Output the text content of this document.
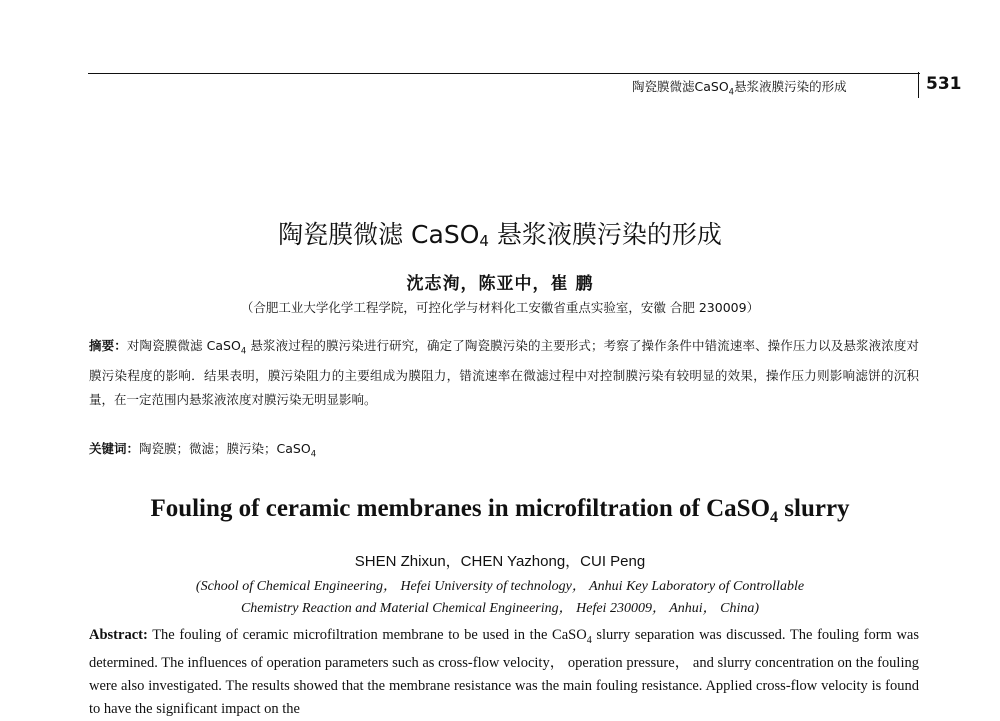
陶瓷膜微滤CaSO$_4$悬浆液膜污染的形成	531
陶瓷膜微滤 CaSO$_4$ 悬浆液膜污染的形成
沈志洵，陈亚中，崔 鹏
（合肥工业大学化学工程学院，可控化学与材料化工安徽省重点实验室，安徽 合肥 230009）
摘要：对陶瓷膜微滤 CaSO$_4$ 悬浆液过程的膜污染进行研究，确定了陶瓷膜污染的主要形式；考察了操作条件中错流速率、操作压力以及悬浆液浓度对膜污染程度的影响．结果表明，膜污染阻力的主要组成为膜阻力，错流速率在微滤过程中对控制膜污染有较明显的效果，操作压力则影响滤饼的沉积量，在一定范围内悬浆液浓度对膜污染无明显影响。
关键词：陶瓷膜；微滤；膜污染；CaSO$_4$
Fouling of ceramic membranes in microfiltration of CaSO$_4$ slurry
SHEN Zhixun，CHEN Yazhong，CUI Peng
(School of Chemical Engineering， Hefei University of technology， Anhui Key Laboratory of Controllable
Chemistry Reaction and Material Chemical Engineering， Hefei 230009， Anhui， China)
Abstract: The fouling of ceramic microfiltration membrane to be used in the CaSO$_4$ slurry separation was discussed. The fouling form was determined. The influences of operation parameters such as cross-flow velocity， operation pressure， and slurry concentration on the fouling were also investigated. The results showed that the membrane resistance was the main fouling resistance. Applied cross-flow velocity is found to have the significant impact on the
